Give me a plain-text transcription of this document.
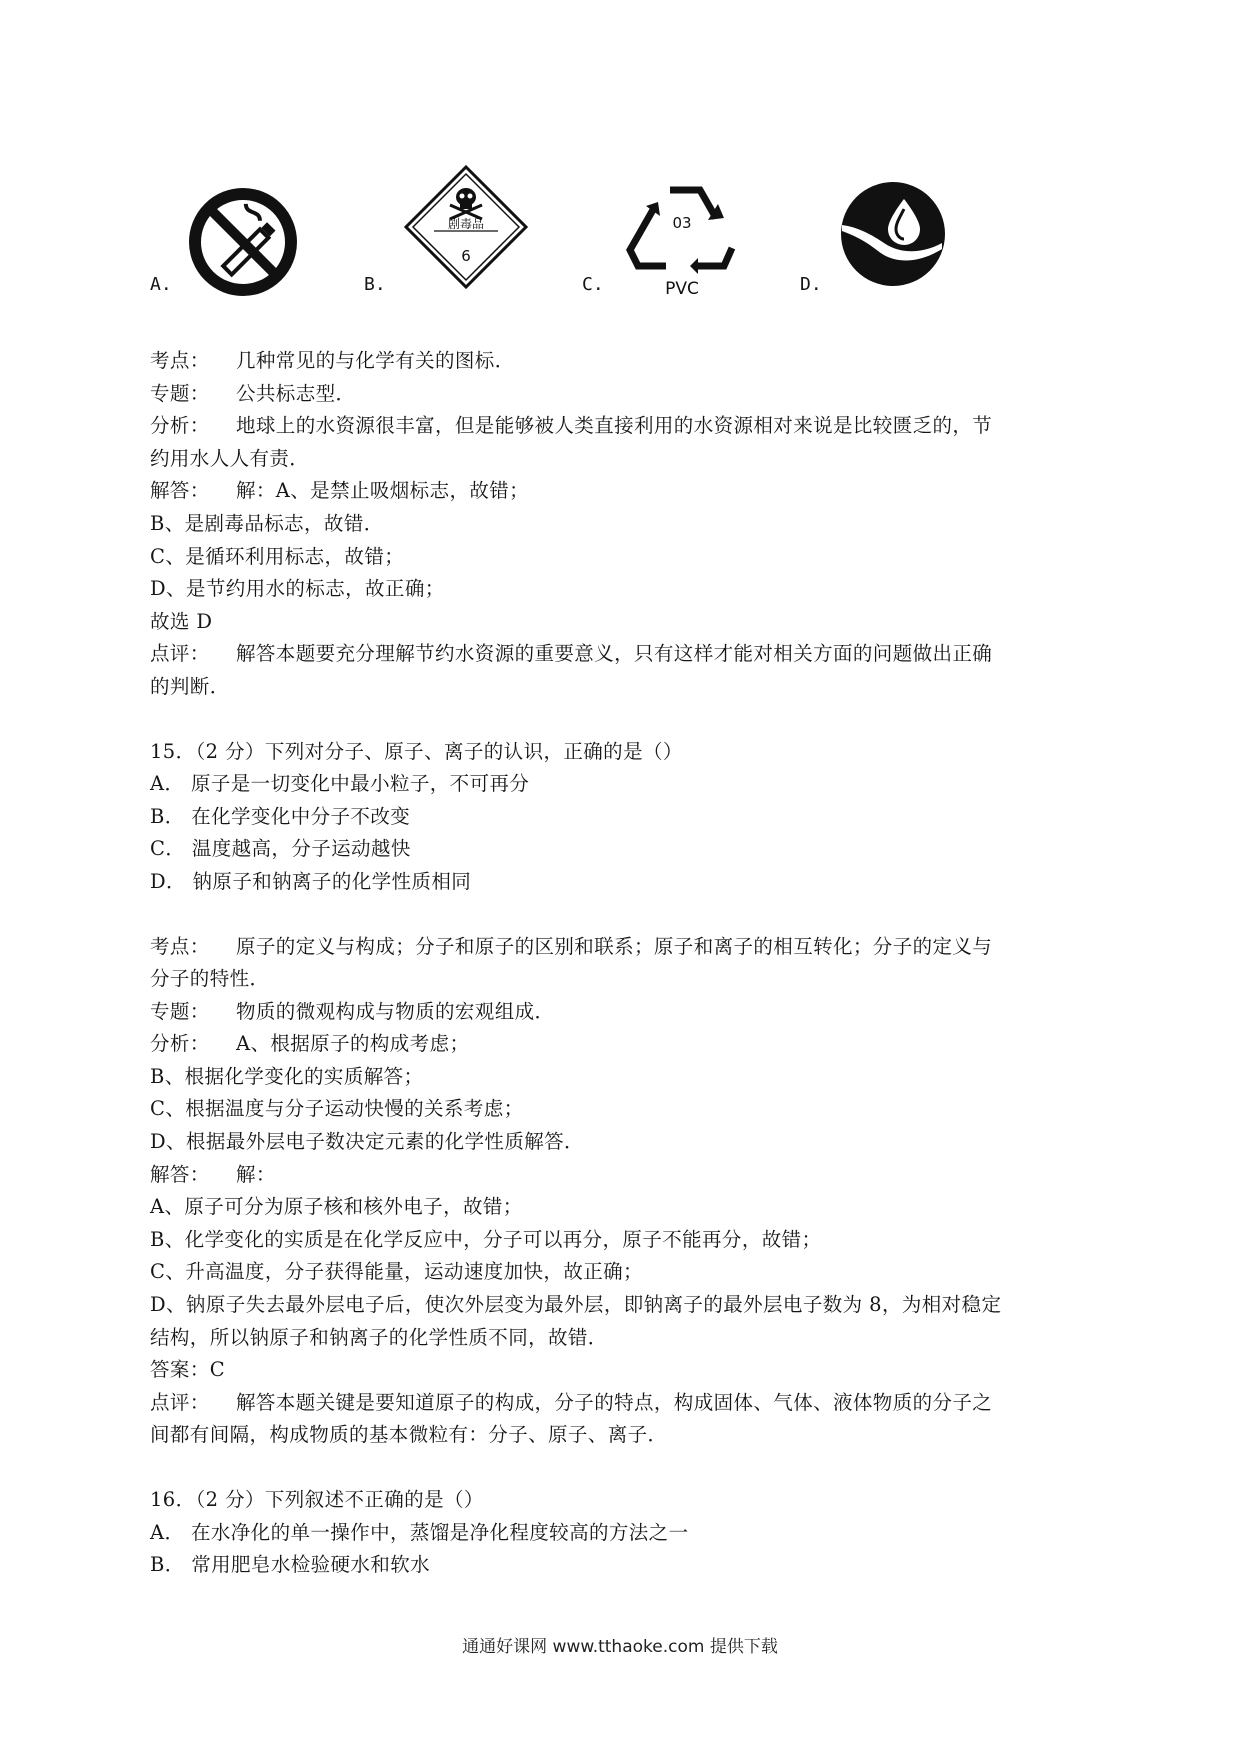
A.	B.
剧毒品
6
C.
03
PVC	D.
考点： 几种常见的与化学有关的图标．
专题： 公共标志型．
分析： 地球上的水资源很丰富，但是能够被人类直接利用的水资源相对来说是比较匮乏的，节
约用水人人有责．
解答： 解：A、是禁止吸烟标志，故错；
B、是剧毒品标志，故错．
C、是循环利用标志，故错；
D、是节约用水的标志，故正确；
故选 D
点评： 解答本题要充分理解节约水资源的重要意义，只有这样才能对相关方面的问题做出正确
的判断．
15．（2 分）下列对分子、原子、离子的认识，正确的是（）
A． 原子是一切变化中最小粒子，不可再分
B． 在化学变化中分子不改变
C． 温度越高，分子运动越快
D． 钠原子和钠离子的化学性质相同
考点： 原子的定义与构成；分子和原子的区别和联系；原子和离子的相互转化；分子的定义与
分子的特性．
专题： 物质的微观构成与物质的宏观组成．
分析： A、根据原子的构成考虑；
B、根据化学变化的实质解答；
C、根据温度与分子运动快慢的关系考虑；
D、根据最外层电子数决定元素的化学性质解答．
解答： 解：
A、原子可分为原子核和核外电子，故错；
B、化学变化的实质是在化学反应中，分子可以再分，原子不能再分，故错；
C、升高温度，分子获得能量，运动速度加快，故正确；
D、钠原子失去最外层电子后，使次外层变为最外层，即钠离子的最外层电子数为 8，为相对稳定
结构，所以钠原子和钠离子的化学性质不同，故错．
答案：C
点评： 解答本题关键是要知道原子的构成，分子的特点，构成固体、气体、液体物质的分子之
间都有间隔，构成物质的基本微粒有：分子、原子、离子．
16．（2 分）下列叙述不正确的是（）
A． 在水净化的单一操作中，蒸馏是净化程度较高的方法之一
B． 常用肥皂水检验硬水和软水
通通好课网 www.tthaoke.com 提供下载
